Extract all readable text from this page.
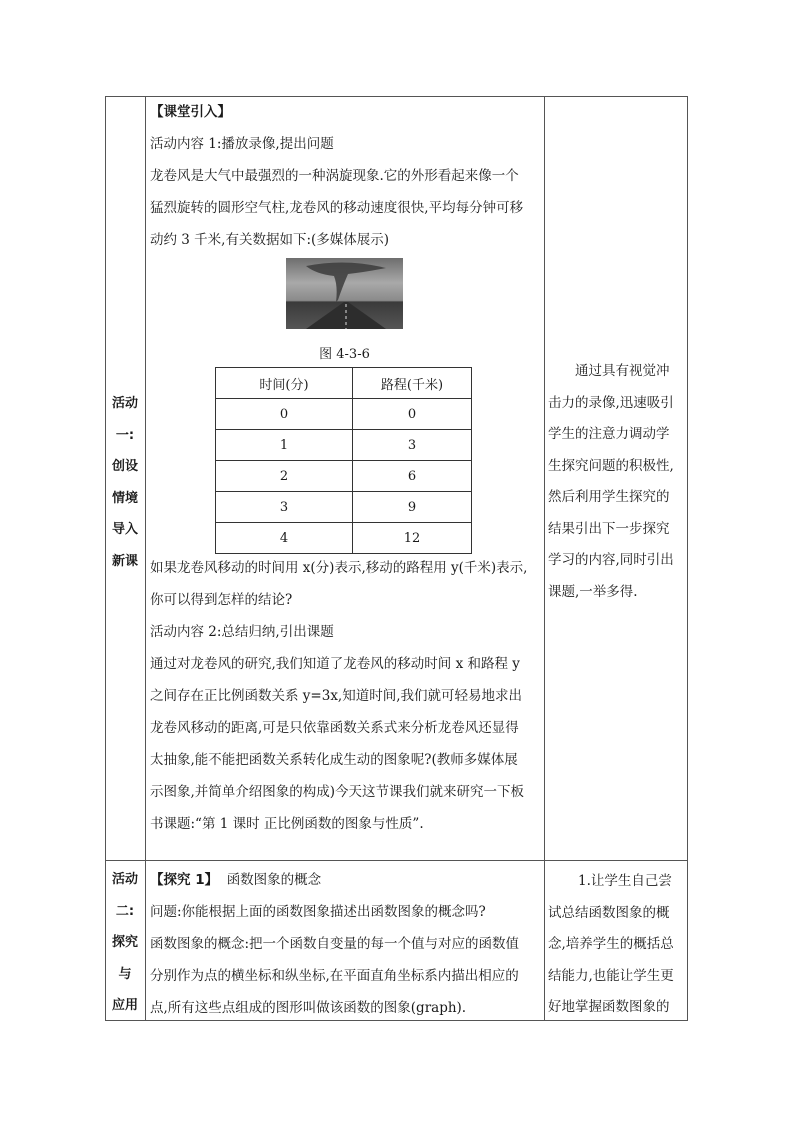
活动
一:
创设
情境
导入
新课

【课堂引入】

活动内容 1:播放录像,提出问题

龙卷风是大气中最强烈的一种涡旋现象.它的外形看起来像一个

猛烈旋转的圆形空气柱,龙卷风的移动速度很快,平均每分钟可移

动约 3 千米,有关数据如下:(多媒体展示)

图 4-3-6
时间(分)	路程(千米)
0	0
1	3
2	6
3	9
4	12

如果龙卷风移动的时间用 x(分)表示,移动的路程用 y(千米)表示,

你可以得到怎样的结论?

活动内容 2:总结归纳,引出课题

通过对龙卷风的研究,我们知道了龙卷风的移动时间 x 和路程 y

之间存在正比例函数关系 y=3x,知道时间,我们就可轻易地求出

龙卷风移动的距离,可是只依靠函数关系式来分析龙卷风还显得

太抽象,能不能把函数关系转化成生动的图象呢?(教师多媒体展

示图象,并简单介绍图象的构成)今天这节课我们就来研究一下板

书课题:“第 1 课时 正比例函数的图象与性质”.

通过具有视觉冲

击力的录像,迅速吸引

学生的注意力调动学

生探究问题的积极性,

然后利用学生探究的

结果引出下一步探究

学习的内容,同时引出

课题,一举多得.

活动
二:
探究
与
应用

【探究 1】 函数图象的概念

问题:你能根据上面的函数图象描述出函数图象的概念吗?

函数图象的概念:把一个函数自变量的每一个值与对应的函数值

分别作为点的横坐标和纵坐标,在平面直角坐标系内描出相应的

点,所有这些点组成的图形叫做该函数的图象(graph).

1.让学生自己尝

试总结函数图象的概

念,培养学生的概括总

结能力,也能让学生更

好地掌握函数图象的
